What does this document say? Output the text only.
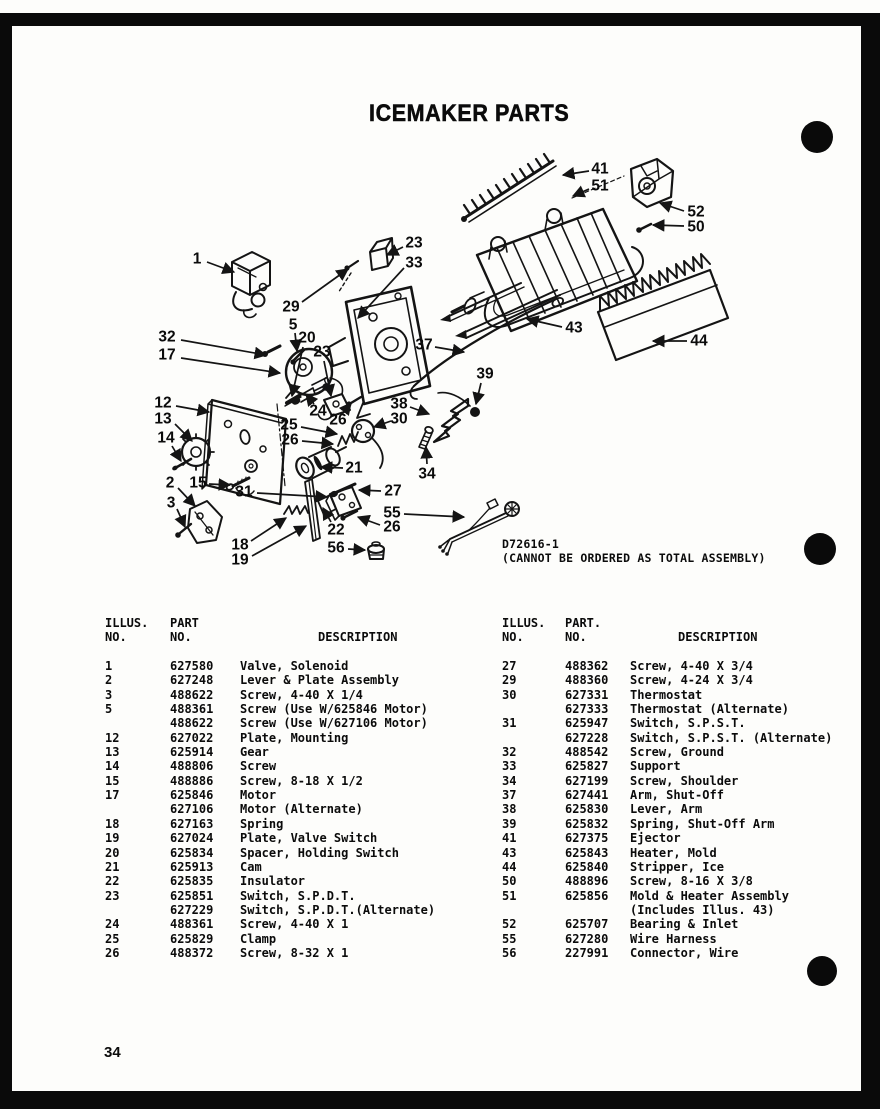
ICEMAKER PARTS
41
51
52
50
23
33
1
29
5
32
17
20
23	37
39
43
44
12
13
14
2 15
3
31
18
19
24
26
25
26
21	34
27
55
26
22
56
38
30
D72616-1
(CANNOT BE ORDERED AS TOTAL ASSEMBLY)
ILLUS.	PART
NO.	NO.	DESCRIPTION
1	627580	Valve, Solenoid
2	627248	Lever & Plate Assembly
3	488622	Screw, 4-40 X 1/4
5	488361	Screw (Use W/625846 Motor)
488622	Screw (Use W/627106 Motor)
12	627022	Plate, Mounting
13	625914	Gear
14	488806	Screw
15	488886	Screw, 8-18 X 1/2
17	625846	Motor
627106	Motor (Alternate)
18	627163	Spring
19	627024	Plate, Valve Switch
20	625834	Spacer, Holding Switch
21	625913	Cam
22	625835	Insulator
23	625851	Switch, S.P.D.T.
627229	Switch, S.P.D.T.(Alternate)
24	488361	Screw, 4-40 X 1
25	625829	Clamp
26	488372	Screw, 8-32 X 1
ILLUS.	PART.
NO.	NO.	DESCRIPTION
27	488362	Screw, 4-40 X 3/4
29	488360	Screw, 4-24 X 3/4
30	627331	Thermostat
627333	Thermostat (Alternate)
31	625947	Switch, S.P.S.T.
627228	Switch, S.P.S.T. (Alternate)
32	488542	Screw, Ground
33	625827	Support
34	627199	Screw, Shoulder
37	627441	Arm, Shut-Off
38	625830	Lever, Arm
39	625832	Spring, Shut-Off Arm
41	627375	Ejector
43	625843	Heater, Mold
44	625840	Stripper, Ice
50	488896	Screw, 8-16 X 3/8
51	625856	Mold & Heater Assembly
(Includes Illus. 43)
52	625707	Bearing & Inlet
55	627280	Wire Harness
56	227991	Connector, Wire
34
